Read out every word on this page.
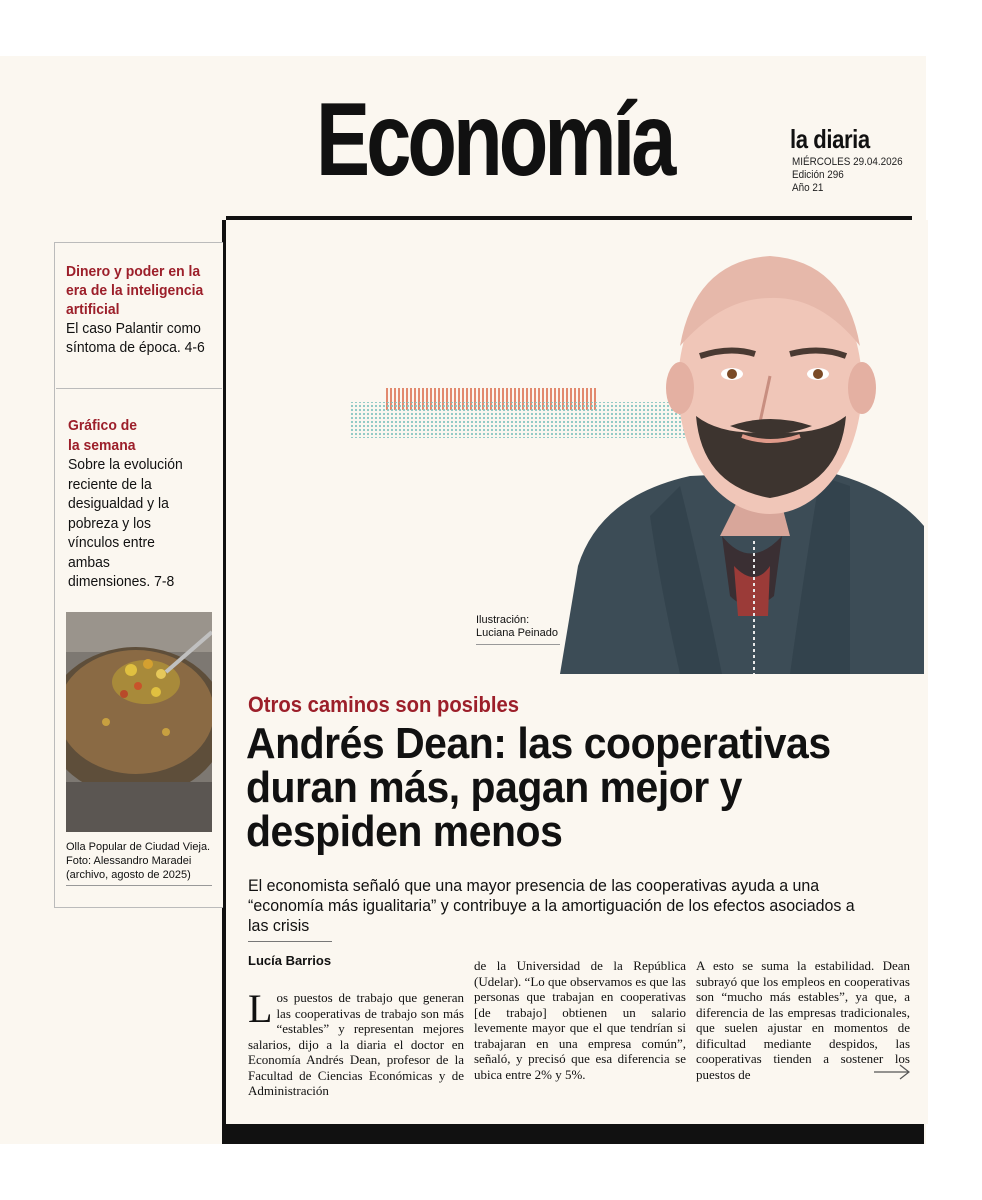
Economía	la diaria
MIÉRCOLES 29.04.2026
Edición 296
Año 21
Dinero y poder en la era de la inteligencia artificial
El caso Palantir como síntoma de época. 4-6
Gráfico de la semana
Sobre la evolución reciente de la desigualdad y la pobreza y los vínculos entre ambas dimensiones. 7-8
Olla Popular de Ciudad Vieja.
Foto: Alessandro Maradei
(archivo, agosto de 2025)
Ilustración:
Luciana Peinado
Otros caminos son posibles
Andrés Dean: las cooperativas duran más, pagan mejor y despiden menos
El economista señaló que una mayor presencia de las cooperativas ayuda a una “economía más igualitaria” y contribuye a la amortiguación de los efectos asociados a las crisis
Lucía Barrios
Los puestos de trabajo que generan las cooperativas de trabajo son más “estables” y representan mejores salarios, dijo a la diaria el doctor en Economía Andrés Dean, profesor de la Facultad de Ciencias Económicas y de Administración
de la Universidad de la República (Udelar). “Lo que observamos es que las personas que trabajan en cooperativas [de trabajo] obtienen un salario levemente mayor que el que tendrían si trabajaran en una empresa común”, señaló, y precisó que esa diferencia se ubica entre 2% y 5%.
A esto se suma la estabilidad. Dean subrayó que los empleos en cooperativas son “mucho más estables”, ya que, a diferencia de las empresas tradicionales, que suelen ajustar en momentos de dificultad mediante despidos, las cooperativas tienden a sostener los puestos de
